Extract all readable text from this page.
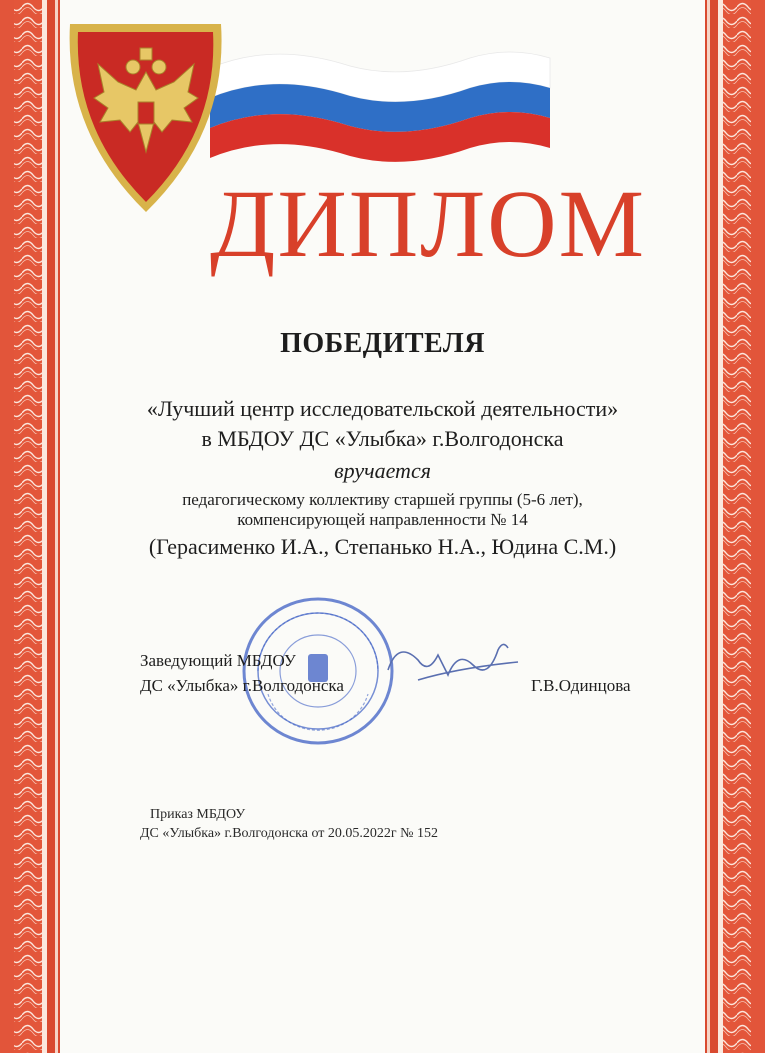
ДИПЛОМ
ПОБЕДИТЕЛЯ
«Лучший центр исследовательской деятельности»
в МБДОУ ДС «Улыбка» г.Волгодонска
вручается
педагогическому коллективу старшей группы (5-6 лет),
компенсирующей направленности № 14
(Герасименко И.А., Степанько Н.А., Юдина С.М.)
Заведующий МБДОУ
ДС «Улыбка» г.Волгодонска	Г.В.Одинцова
Приказ МБДОУ
ДС «Улыбка» г.Волгодонска от 20.05.2022г № 152
